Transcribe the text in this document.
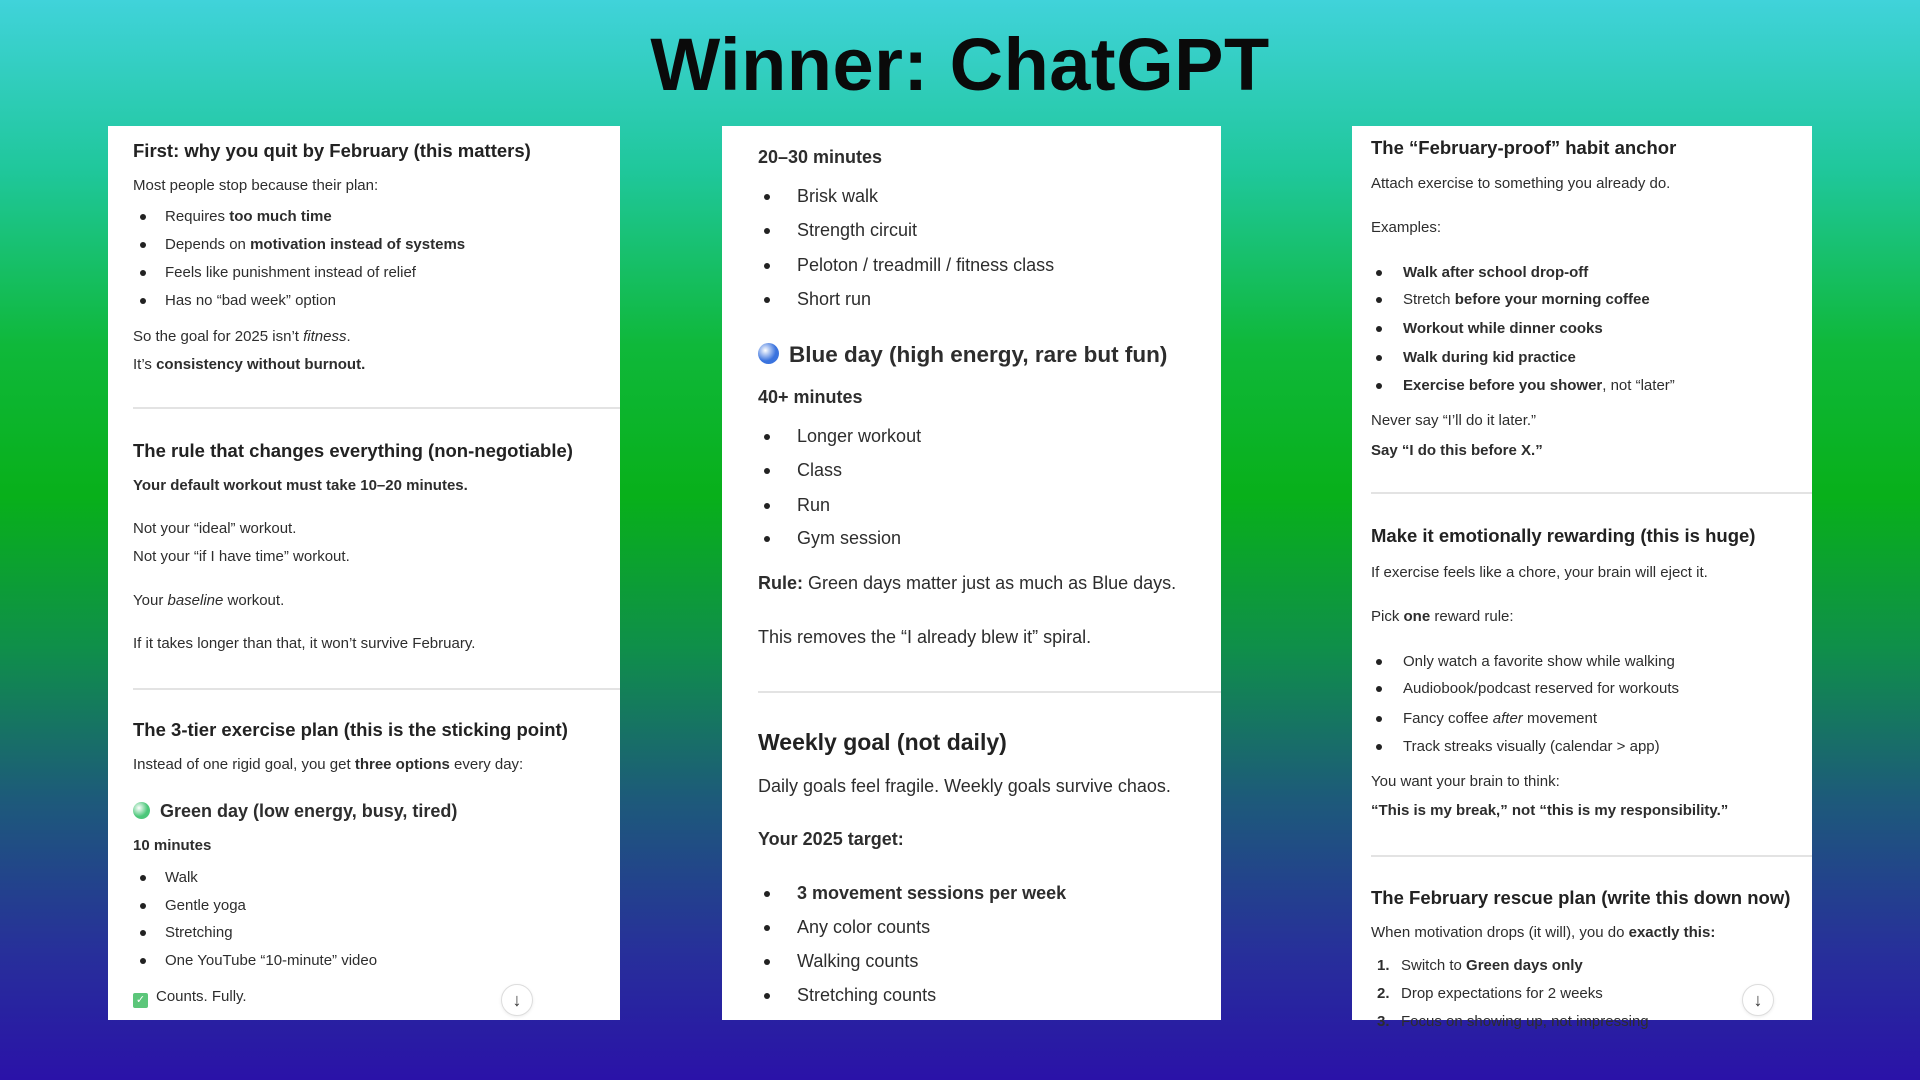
Winner: ChatGPT
↓
First: why you quit by February (this matters)
Most people stop because their plan:
Requires too much time
Depends on motivation instead of systems
Feels like punishment instead of relief
Has no “bad week” option
So the goal for 2025 isn’t fitness.
It’s consistency without burnout.
The rule that changes everything (non-negotiable)
Your default workout must take 10–20 minutes.
Not your “ideal” workout.
Not your “if I have time” workout.
Your baseline workout.
If it takes longer than that, it won’t survive February.
The 3-tier exercise plan (this is the sticking point)
Instead of one rigid goal, you get three options every day:
Green day (low energy, busy, tired)
10 minutes
Walk
Gentle yoga
Stretching
One YouTube “10-minute” video
✓ Counts. Fully.
20–30 minutes
Brisk walk
Strength circuit
Peloton / treadmill / fitness class
Short run
Blue day (high energy, rare but fun)
40+ minutes
Longer workout
Class
Run
Gym session
Rule: Green days matter just as much as Blue days.
This removes the “I already blew it” spiral.
Weekly goal (not daily)
Daily goals feel fragile. Weekly goals survive chaos.
Your 2025 target:
3 movement sessions per week
Any color counts
Walking counts
Stretching counts	↓
The “February-proof” habit anchor
Attach exercise to something you already do.
Examples:
Walk after school drop-off
Stretch before your morning coffee
Workout while dinner cooks
Walk during kid practice
Exercise before you shower, not “later”
Never say “I’ll do it later.”
Say “I do this before X.”
Make it emotionally rewarding (this is huge)
If exercise feels like a chore, your brain will eject it.
Pick one reward rule:
Only watch a favorite show while walking
Audiobook/podcast reserved for workouts
Fancy coffee after movement
Track streaks visually (calendar > app)
You want your brain to think:
“This is my break,” not “this is my responsibility.”
The February rescue plan (write this down now)
When motivation drops (it will), you do exactly this:
1. Switch to Green days only
2. Drop expectations for 2 weeks
3. Focus on showing up, not impressing
